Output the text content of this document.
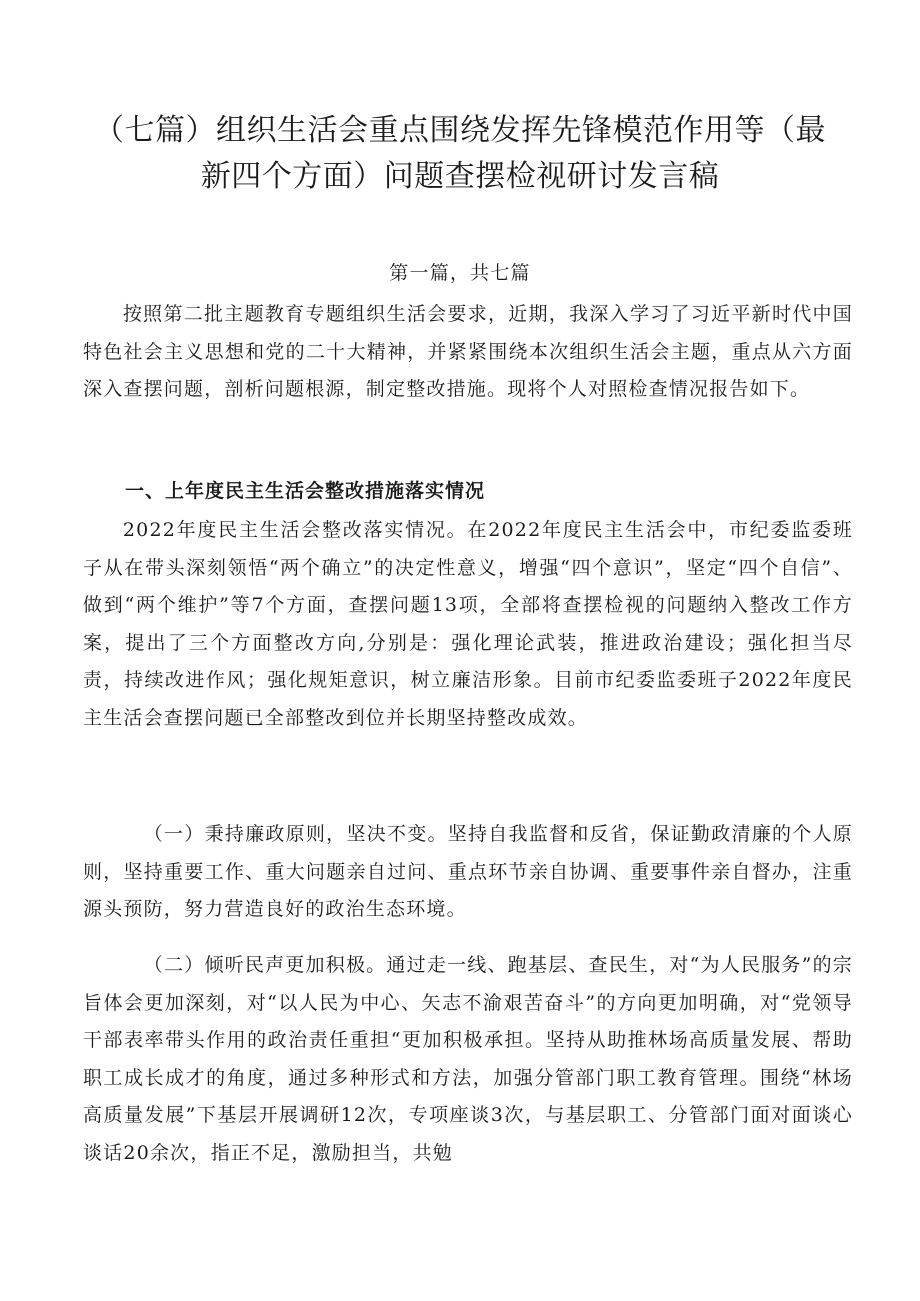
（七篇）组织生活会重点围绕发挥先锋模范作用等（最
新四个方面）问题查摆检视研讨发言稿
第一篇，共七篇

按照第二批主题教育专题组织生活会要求，近期，我深入学习了习近平新时代中国特色社会主义思想和党的二十大精神，并紧紧围绕本次组织生活会主题，重点从六方面深入查摆问题，剖析问题根源，制定整改措施。现将个人对照检查情况报告如下。

一、上年度民主生活会整改措施落实情况

2022年度民主生活会整改落实情况。在2022年度民主生活会中，市纪委监委班子从在带头深刻领悟“两个确立”的决定性意义，增强“四个意识”，坚定“四个自信”、做到“两个维护”等7个方面，查摆问题13项，全部将查摆检视的问题纳入整改工作方案，提出了三个方面整改方向,分别是：强化理论武装，推进政治建设；强化担当尽责，持续改进作风；强化规矩意识，树立廉洁形象。目前市纪委监委班子2022年度民主生活会查摆问题已全部整改到位并长期坚持整改成效。

（一）秉持廉政原则，坚决不变。坚持自我监督和反省，保证勤政清廉的个人原则，坚持重要工作、重大问题亲自过问、重点环节亲自协调、重要事件亲自督办，注重源头预防，努力营造良好的政治生态环境。

（二）倾听民声更加积极。通过走一线、跑基层、查民生，对“为人民服务”的宗旨体会更加深刻，对“以人民为中心、矢志不渝艰苦奋斗”的方向更加明确，对“党领导干部表率带头作用的政治责任重担“更加积极承担。坚持从助推林场高质量发展、帮助职工成长成才的角度，通过多种形式和方法，加强分管部门职工教育管理。围绕“林场高质量发展”下基层开展调研12次，专项座谈3次，与基层职工、分管部门面对面谈心谈话20余次，指正不足，激励担当，共勉
